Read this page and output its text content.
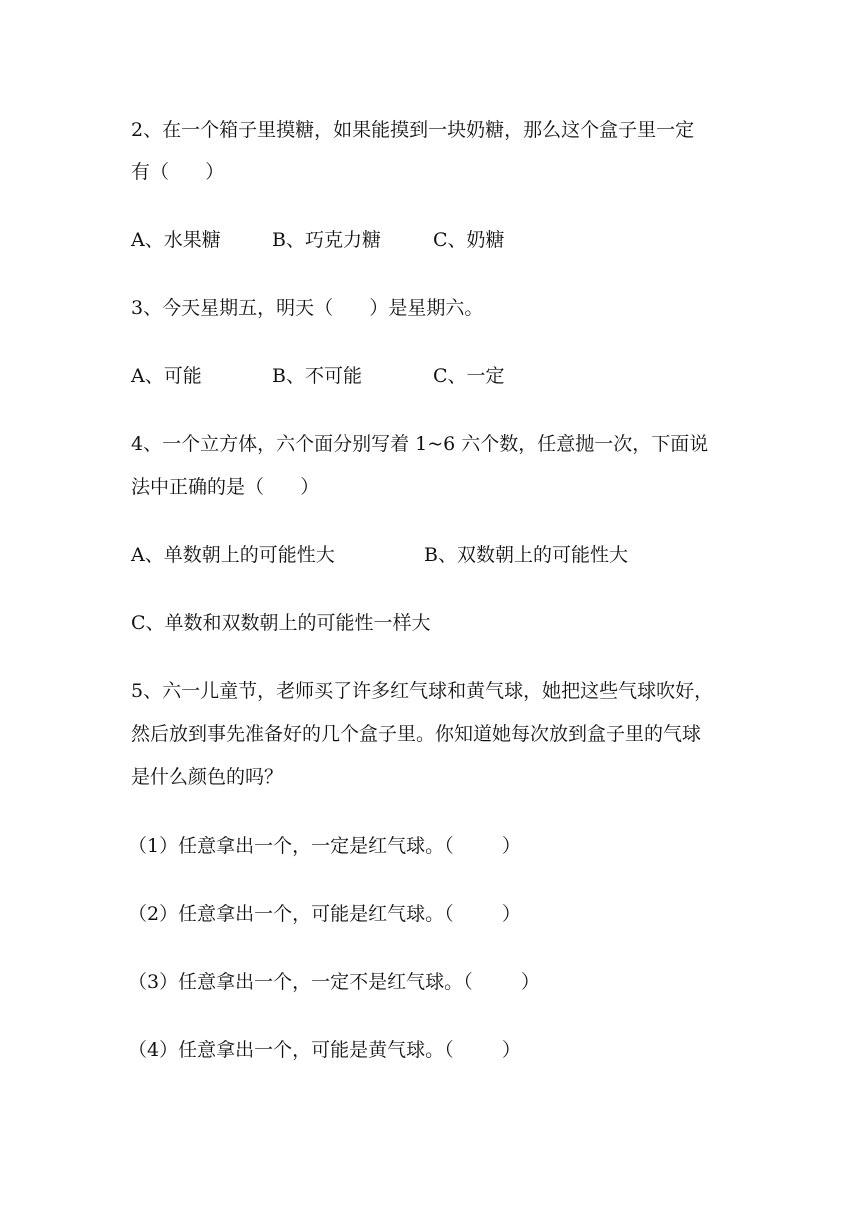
2、在一个箱子里摸糖，如果能摸到一块奶糖，那么这个盒子里一定

有（      ）

A、水果糖	B、巧克力糖	C、奶糖

3、今天星期五，明天（      ）是星期六。

A、可能	B、不可能	C、一定

4、一个立方体，六个面分别写着 1~6 六个数，任意抛一次，下面说

法中正确的是（      ）

A、单数朝上的可能性大	B、双数朝上的可能性大

C、单数和双数朝上的可能性一样大

5、六一儿童节，老师买了许多红气球和黄气球，她把这些气球吹好，

然后放到事先准备好的几个盒子里。你知道她每次放到盒子里的气球

是什么颜色的吗？

（1）任意拿出一个，一定是红气球。（        ）

（2）任意拿出一个，可能是红气球。（        ）

（3）任意拿出一个，一定不是红气球。（        ）

（4）任意拿出一个，可能是黄气球。（        ）
